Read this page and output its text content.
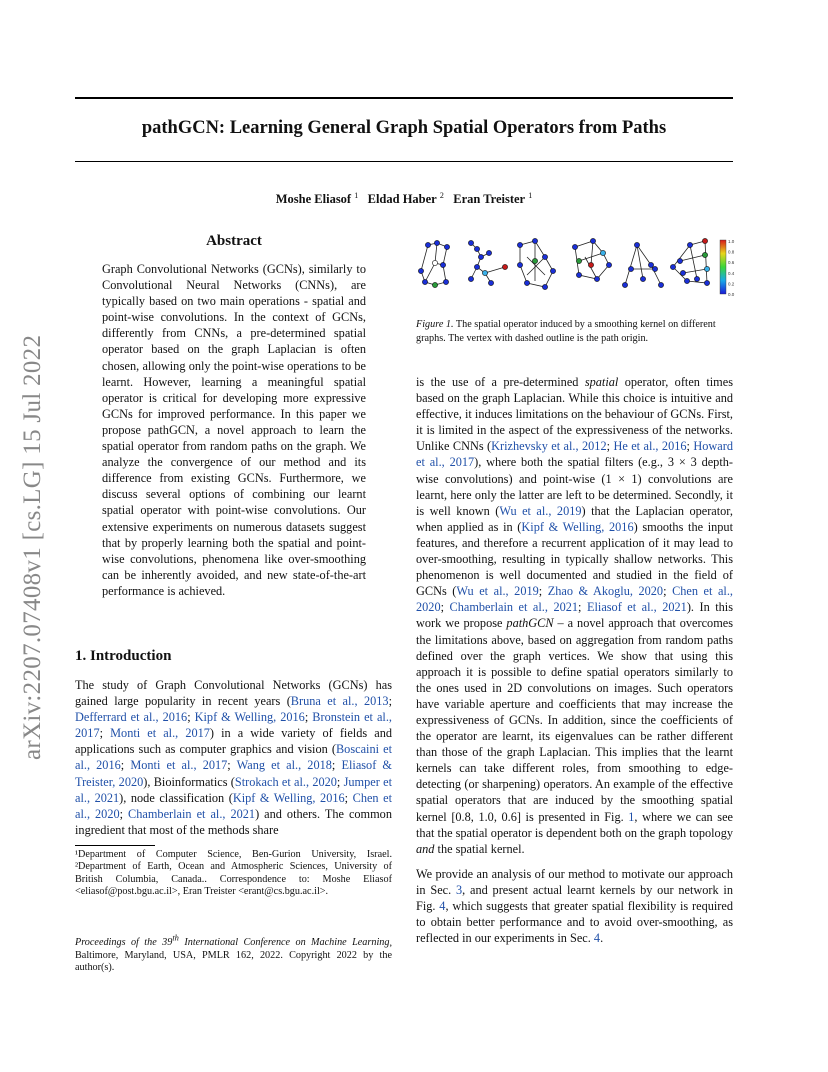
pathGCN: Learning General Graph Spatial Operators from Paths
Moshe Eliasof $^1$ Eldad Haber $^2$ Eran Treister $^1$
arXiv:2207.07408v1 [cs.LG] 15 Jul 2022
Abstract
Graph Convolutional Networks (GCNs), similarly to Convolutional Neural Networks (CNNs), are typically based on two main operations - spatial and point-wise convolutions. In the context of GCNs, differently from CNNs, a pre-determined spatial operator based on the graph Laplacian is often chosen, allowing only the point-wise operations to be learnt. However, learning a meaningful spatial operator is critical for developing more expressive GCNs for improved performance. In this paper we propose pathGCN, a novel approach to learn the spatial operator from random paths on the graph. We analyze the convergence of our method and its difference from existing GCNs. Furthermore, we discuss several options of combining our learnt spatial operator with point-wise convolutions. Our extensive experiments on numerous datasets suggest that by properly learning both the spatial and point-wise convolutions, phenomena like over-smoothing can be inherently avoided, and new state-of-the-art performance is achieved.
1. Introduction
The study of Graph Convolutional Networks (GCNs) has gained large popularity in recent years (Bruna et al., 2013; Defferrard et al., 2016; Kipf & Welling, 2016; Bronstein et al., 2017; Monti et al., 2017) in a wide variety of fields and applications such as computer graphics and vision (Boscaini et al., 2016; Monti et al., 2017; Wang et al., 2018; Eliasof & Treister, 2020), Bioinformatics (Strokach et al., 2020; Jumper et al., 2021), node classification (Kipf & Welling, 2016; Chen et al., 2020; Chamberlain et al., 2021) and others. The common ingredient that most of the methods share
¹Department of Computer Science, Ben-Gurion University, Israel. ²Department of Earth, Ocean and Atmospheric Sciences, University of British Columbia, Canada.. Correspondence to: Moshe Eliasof <eliasof@post.bgu.ac.il>, Eran Treister <erant@cs.bgu.ac.il>.
Proceedings of the 39th International Conference on Machine Learning, Baltimore, Maryland, USA, PMLR 162, 2022. Copyright 2022 by the author(s).
1.0
0.8
0.6
0.4
0.2
0.0
Figure 1. The spatial operator induced by a smoothing kernel on different graphs. The vertex with dashed outline is the path origin.

is the use of a pre-determined spatial operator, often times based on the graph Laplacian. While this choice is intuitive and effective, it induces limitations on the behaviour of GCNs. First, it is limited in the aspect of the expressiveness of the networks. Unlike CNNs (Krizhevsky et al., 2012; He et al., 2016; Howard et al., 2017), where both the spatial filters (e.g., 3 × 3 depth-wise convolutions) and point-wise (1 × 1) convolutions are learnt, here only the latter are left to be determined. Secondly, it is well known (Wu et al., 2019) that the Laplacian operator, when applied as in (Kipf & Welling, 2016) smooths the input features, and therefore a recurrent application of it may lead to over-smoothing, resulting in typically shallow networks. This phenomenon is well documented and studied in the field of GCNs (Wu et al., 2019; Zhao & Akoglu, 2020; Chen et al., 2020; Chamberlain et al., 2021; Eliasof et al., 2021). In this work we propose pathGCN – a novel approach that overcomes the limitations above, based on aggregation from random paths defined over the graph vertices. We show that using this approach it is possible to define spatial operators similarly to the ones used in 2D convolutions on images. Such operators have variable aperture and coefficients that may increase the expressiveness of GCNs. In addition, since the coefficients of the operator are learnt, its eigenvalues can be rather different than those of the graph Laplacian. This implies that the learnt kernels can take different roles, from smoothing to edge-detecting (or sharpening) operators. An example of the effective spatial operators that are induced by the smoothing spatial kernel [0.8, 1.0, 0.6] is presented in Fig. 1, where we can see that the spatial operator is dependent both on the graph topology and the spatial kernel.

We provide an analysis of our method to motivate our approach in Sec. 3, and present actual learnt kernels by our network in Fig. 4, which suggests that greater spatial flexibility is required to obtain better performance and to avoid over-smoothing, as reflected in our experiments in Sec. 4.
